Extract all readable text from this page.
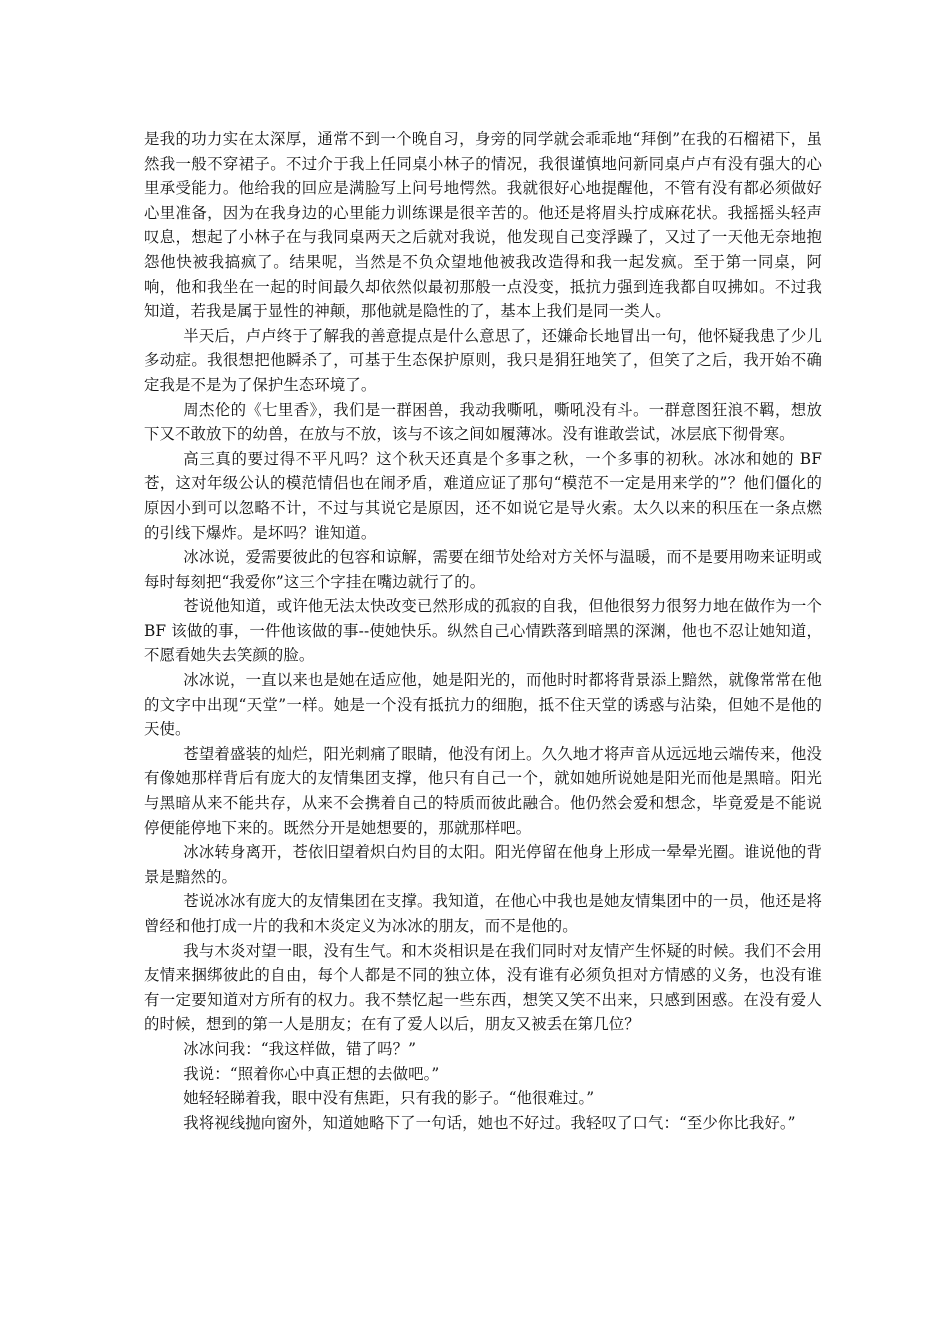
是我的功力实在太深厚，通常不到一个晚自习，身旁的同学就会乖乖地“拜倒”在我的石榴裙下，虽然我一般不穿裙子。不过介于我上任同桌小林子的情况，我很谨慎地问新同桌卢卢有没有强大的心里承受能力。他给我的回应是满脸写上问号地愕然。我就很好心地提醒他，不管有没有都必须做好心里准备，因为在我身边的心里能力训练课是很辛苦的。他还是将眉头拧成麻花状。我摇摇头轻声叹息，想起了小林子在与我同桌两天之后就对我说，他发现自己变浮躁了，又过了一天他无奈地抱怨他快被我搞疯了。结果呢，当然是不负众望地他被我改造得和我一起发疯。至于第一同桌，阿响，他和我坐在一起的时间最久却依然似最初那般一点没变，抵抗力强到连我都自叹拂如。不过我知道，若我是属于显性的神颠，那他就是隐性的了，基本上我们是同一类人。

半天后，卢卢终于了解我的善意提点是什么意思了，还嫌命长地冒出一句，他怀疑我患了少儿多动症。我很想把他瞬杀了，可基于生态保护原则，我只是狷狂地笑了，但笑了之后，我开始不确定我是不是为了保护生态环境了。

周杰伦的《七里香》，我们是一群困兽，我动我嘶吼，嘶吼没有斗。一群意图狂浪不羁，想放下又不敢放下的幼兽，在放与不放，该与不该之间如履薄冰。没有谁敢尝试，冰层底下彻骨寒。

高三真的要过得不平凡吗？这个秋天还真是个多事之秋，一个多事的初秋。冰冰和她的 BF 苍，这对年级公认的模范情侣也在闹矛盾，难道应证了那句“模范不一定是用来学的”？他们僵化的原因小到可以忽略不计，不过与其说它是原因，还不如说它是导火索。太久以来的积压在一条点燃的引线下爆炸。是坏吗？谁知道。

冰冰说，爱需要彼此的包容和谅解，需要在细节处给对方关怀与温暖，而不是要用吻来证明或每时每刻把“我爱你”这三个字挂在嘴边就行了的。

苍说他知道，或许他无法太快改变已然形成的孤寂的自我，但他很努力很努力地在做作为一个 BF 该做的事，一件他该做的事--使她快乐。纵然自己心情跌落到暗黑的深渊，他也不忍让她知道，不愿看她失去笑颜的脸。

冰冰说，一直以来也是她在适应他，她是阳光的，而他时时都将背景添上黯然，就像常常在他的文字中出现“天堂”一样。她是一个没有抵抗力的细胞，抵不住天堂的诱惑与沾染，但她不是他的天使。

苍望着盛装的灿烂，阳光刺痛了眼睛，他没有闭上。久久地才将声音从远远地云端传来，他没有像她那样背后有庞大的友情集团支撑，他只有自己一个，就如她所说她是阳光而他是黑暗。阳光与黑暗从来不能共存，从来不会携着自己的特质而彼此融合。他仍然会爱和想念，毕竟爱是不能说停便能停地下来的。既然分开是她想要的，那就那样吧。

冰冰转身离开，苍依旧望着炽白灼目的太阳。阳光停留在他身上形成一晕晕光圈。谁说他的背景是黯然的。

苍说冰冰有庞大的友情集团在支撑。我知道，在他心中我也是她友情集团中的一员，他还是将曾经和他打成一片的我和木炎定义为冰冰的朋友，而不是他的。

我与木炎对望一眼，没有生气。和木炎相识是在我们同时对友情产生怀疑的时候。我们不会用友情来捆绑彼此的自由，每个人都是不同的独立体，没有谁有必须负担对方情感的义务，也没有谁有一定要知道对方所有的权力。我不禁忆起一些东西，想笑又笑不出来，只感到困惑。在没有爱人的时候，想到的第一人是朋友；在有了爱人以后，朋友又被丢在第几位？

冰冰问我：“我这样做，错了吗？”

我说：“照着你心中真正想的去做吧。”

她轻轻睇着我，眼中没有焦距，只有我的影子。“他很难过。”

我将视线抛向窗外，知道她略下了一句话，她也不好过。我轻叹了口气：“至少你比我好。”
